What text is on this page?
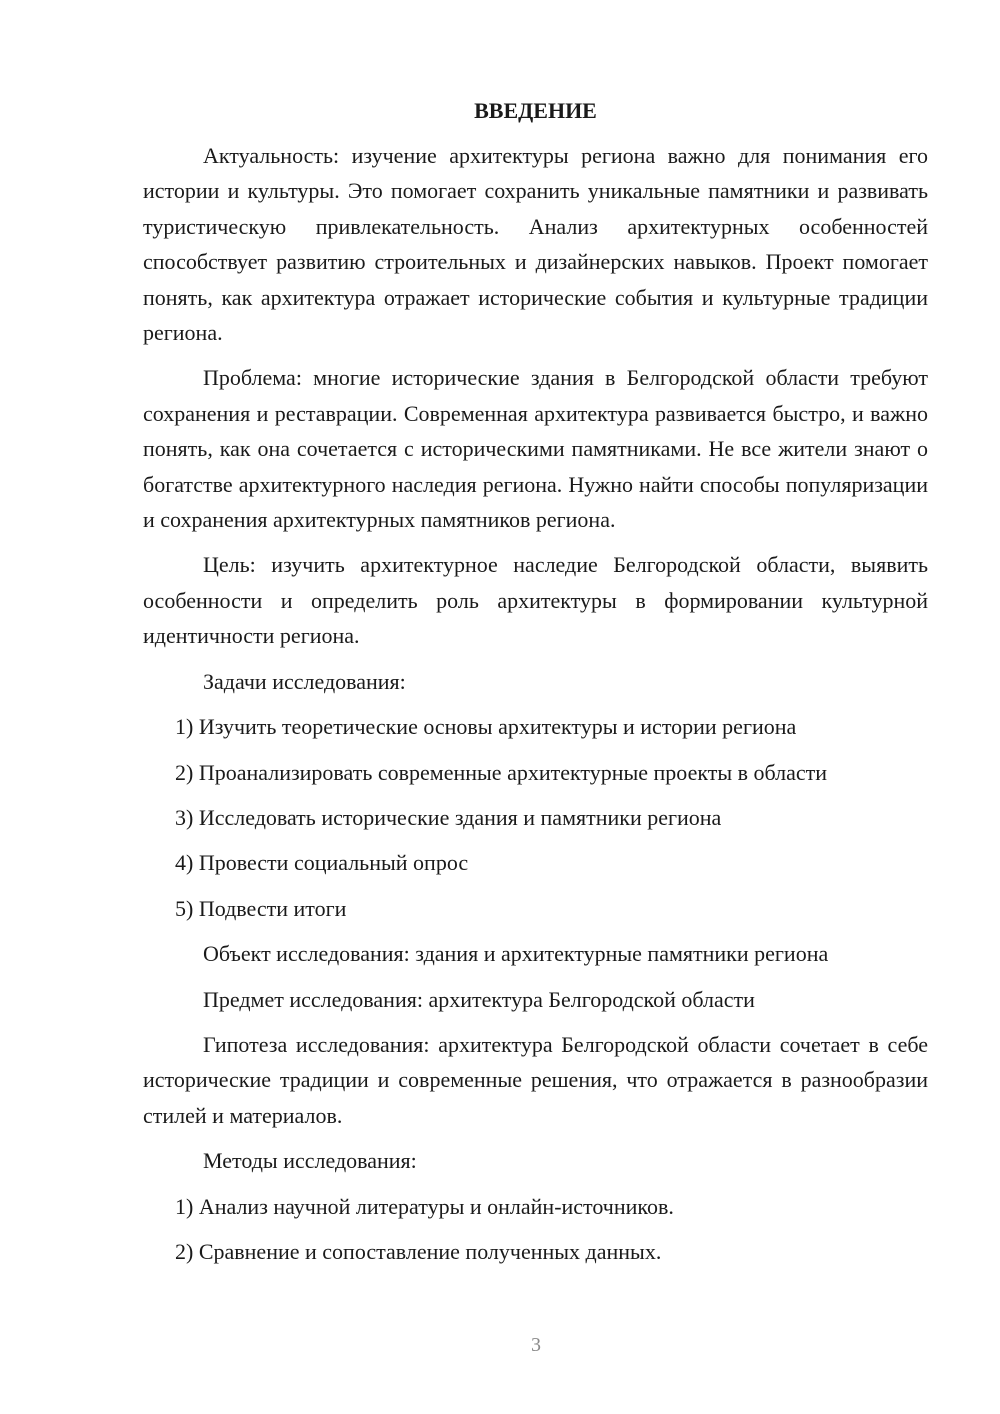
ВВЕДЕНИЕ

Актуальность: изучение архитектуры региона важно для понимания его истории и культуры. Это помогает сохранить уникальные памятники и развивать туристическую привлекательность. Анализ архитектурных особенностей способствует развитию строительных и дизайнерских навыков. Проект помогает понять, как архитектура отражает исторические события и культурные традиции региона.

Проблема: многие исторические здания в Белгородской области требуют сохранения и реставрации. Современная архитектура развивается быстро, и важно понять, как она сочетается с историческими памятниками. Не все жители знают о богатстве архитектурного наследия региона. Нужно найти способы популяризации и сохранения архитектурных памятников региона.

Цель: изучить архитектурное наследие Белгородской области, выявить особенности и определить роль архитектуры в формировании культурной идентичности региона.

Задачи исследования:

1) Изучить теоретические основы архитектуры и истории региона
2) Проанализировать современные архитектурные проекты в области
3) Исследовать исторические здания и памятники региона
4) Провести социальный опрос
5) Подвести итоги

Объект исследования: здания и архитектурные памятники региона

Предмет исследования: архитектура Белгородской области

Гипотеза исследования: архитектура Белгородской области сочетает в себе исторические традиции и современные решения, что отражается в разнообразии стилей и материалов.

Методы исследования:

1) Анализ научной литературы и онлайн-источников.
2) Сравнение и сопоставление полученных данных.
3
